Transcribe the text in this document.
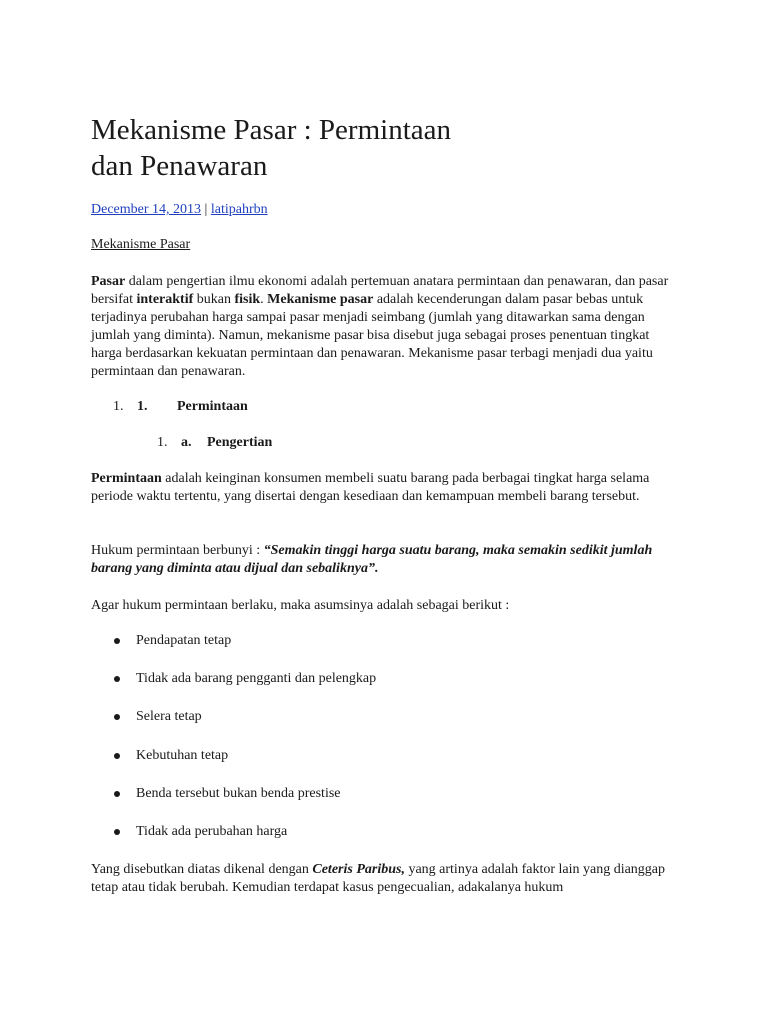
Mekanisme Pasar : Permintaan
dan Penawaran
December 14, 2013 | latipahrbn
Mekanisme Pasar
Pasar dalam pengertian ilmu ekonomi adalah pertemuan anatara permintaan dan penawaran, dan pasar bersifat interaktif bukan fisik. Mekanisme pasar adalah kecenderungan dalam pasar bebas untuk terjadinya perubahan harga sampai pasar menjadi seimbang (jumlah yang ditawarkan sama dengan jumlah yang diminta). Namun, mekanisme pasar bisa disebut juga sebagai proses penentuan tingkat harga berdasarkan kekuatan permintaan dan penawaran. Mekanisme pasar terbagi menjadi dua yaitu permintaan dan penawaran.
1. 1. Permintaan
1. a. Pengertian
Permintaan adalah keinginan konsumen membeli suatu barang pada berbagai tingkat harga selama periode waktu tertentu, yang disertai dengan kesediaan dan kemampuan membeli barang tersebut.
Hukum permintaan berbunyi : “Semakin tinggi harga suatu barang, maka semakin sedikit jumlah barang yang diminta atau dijual dan sebaliknya”.
Agar hukum permintaan berlaku, maka asumsinya adalah sebagai berikut :
Pendapatan tetap
Tidak ada barang pengganti dan pelengkap
Selera tetap
Kebutuhan tetap
Benda tersebut bukan benda prestise
Tidak ada perubahan harga
Yang disebutkan diatas dikenal dengan Ceteris Paribus, yang artinya adalah faktor lain yang dianggap tetap atau tidak berubah. Kemudian terdapat kasus pengecualian, adakalanya hukum
